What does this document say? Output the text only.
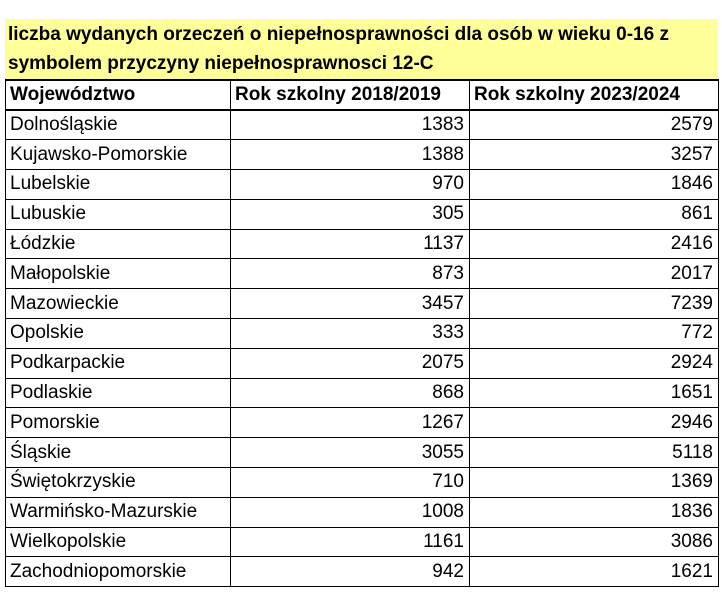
liczba wydanych orzeczeń o niepełnosprawności dla osób w wieku 0-16 z
symbolem przyczyny niepełnosprawnosci 12-C
Województwo	Rok szkolny 2018/2019	Rok szkolny 2023/2024
Dolnośląskie	1383	2579
Kujawsko-Pomorskie	1388	3257
Lubelskie	970	1846
Lubuskie	305	861
Łódzkie	1137	2416
Małopolskie	873	2017
Mazowieckie	3457	7239
Opolskie	333	772
Podkarpackie	2075	2924
Podlaskie	868	1651
Pomorskie	1267	2946
Śląskie	3055	5118
Świętokrzyskie	710	1369
Warmińsko-Mazurskie	1008	1836
Wielkopolskie	1161	3086
Zachodniopomorskie	942	1621
